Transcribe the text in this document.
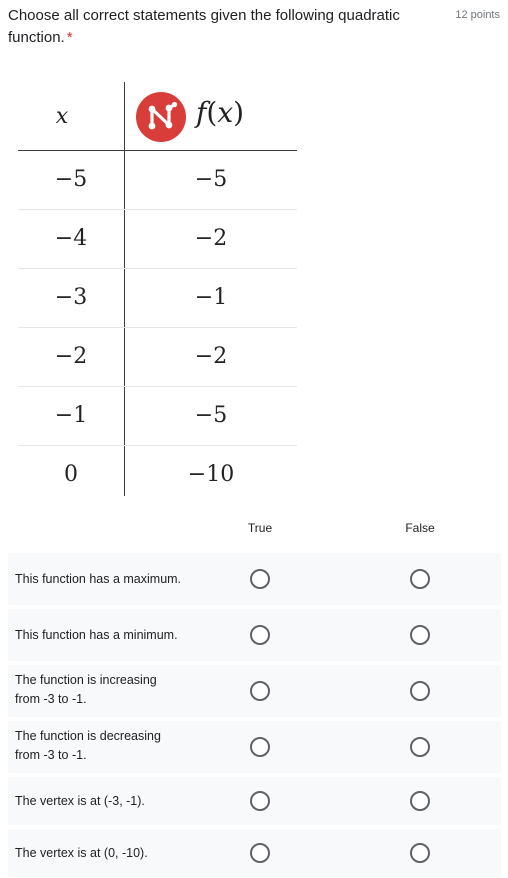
Choose all correct statements given the following quadratic function. *
12 points
x	f(x)
−5	−5
−4	−2
−3	−1
−2	−2
−1	−5
0	−10
True	False
This function has a maximum.
This function has a minimum.
The function is increasing from -3 to -1.
The function is decreasing from -3 to -1.
The vertex is at (-3, -1).
The vertex is at (0, -10).
